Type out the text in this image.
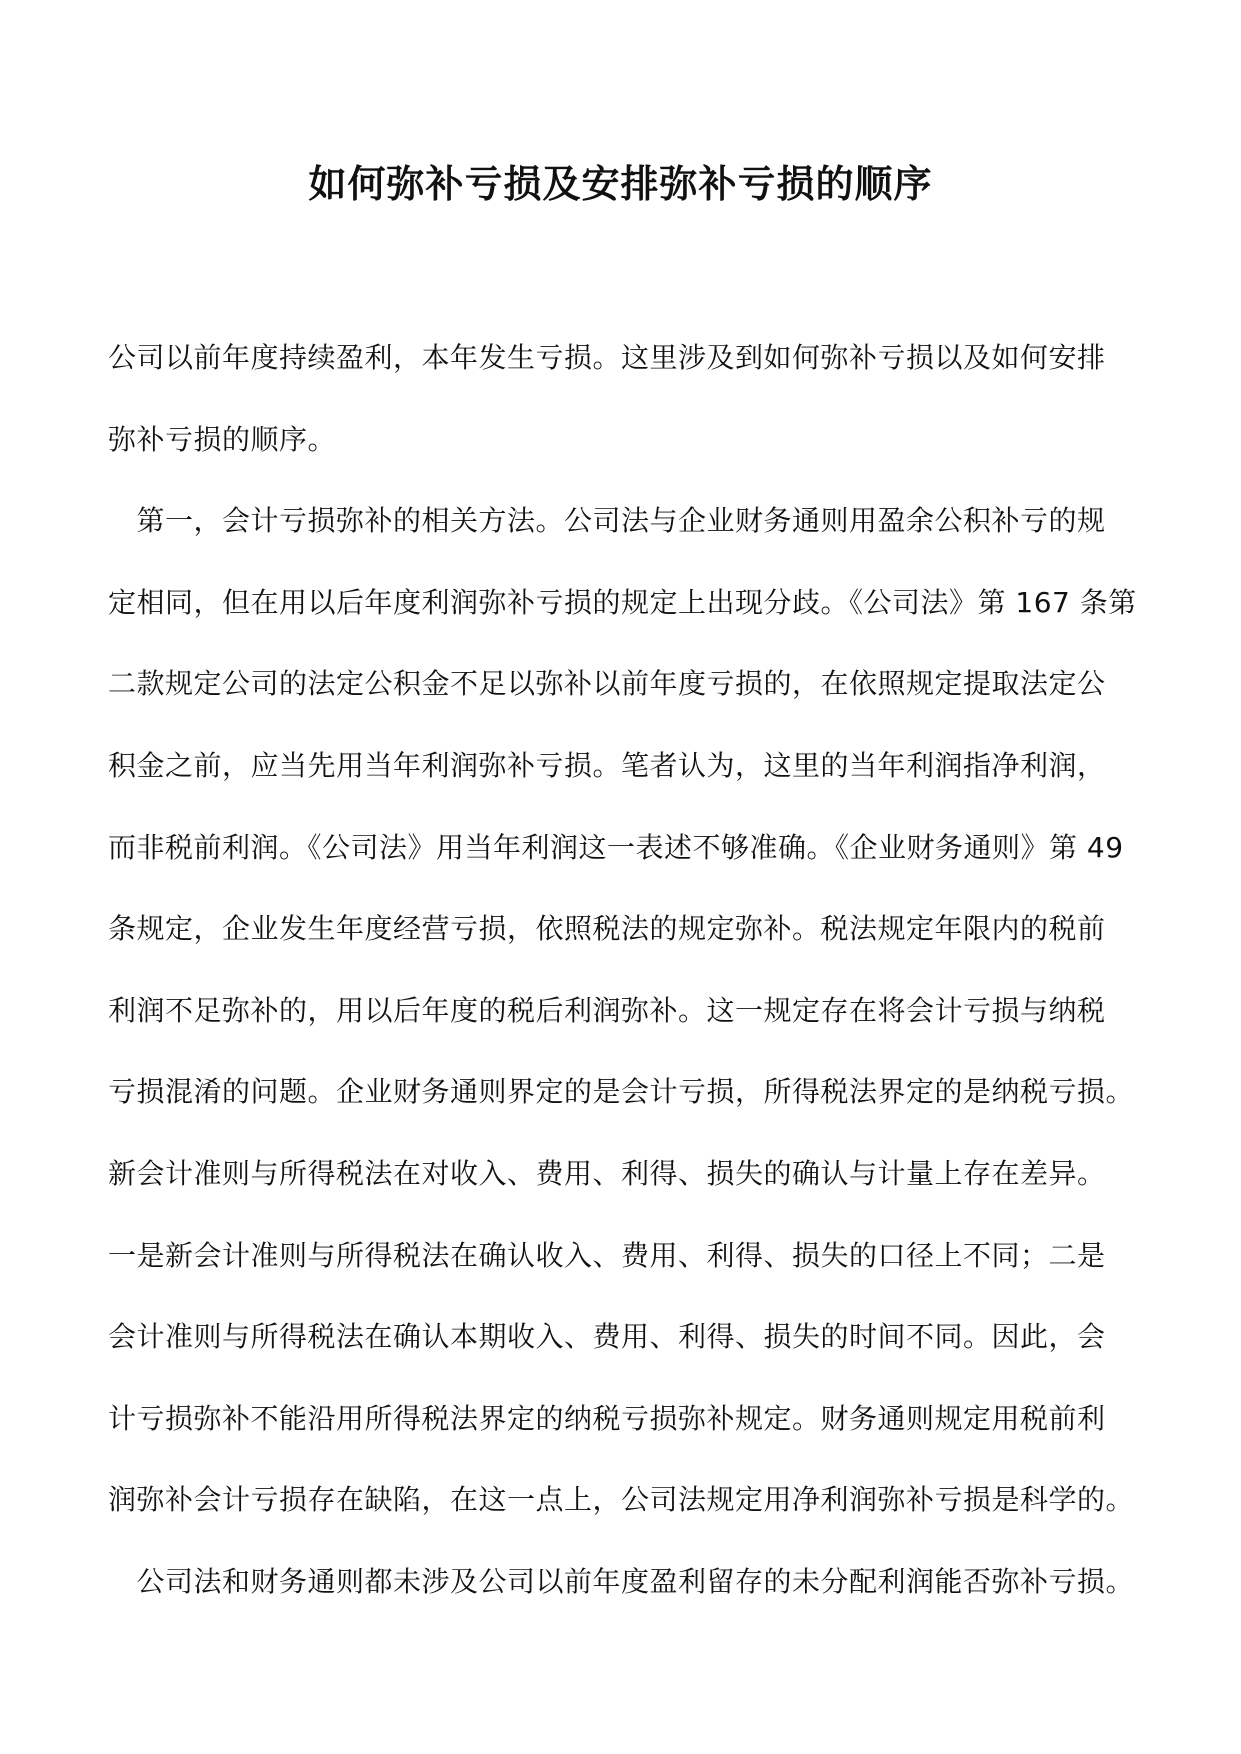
如何弥补亏损及安排弥补亏损的顺序
公司以前年度持续盈利，本年发生亏损。这里涉及到如何弥补亏损以及如何安排
弥补亏损的顺序。
　第一，会计亏损弥补的相关方法。公司法与企业财务通则用盈余公积补亏的规
定相同，但在用以后年度利润弥补亏损的规定上出现分歧。《公司法》第 167 条第
二款规定公司的法定公积金不足以弥补以前年度亏损的，在依照规定提取法定公
积金之前，应当先用当年利润弥补亏损。笔者认为，这里的当年利润指净利润，
而非税前利润。《公司法》用当年利润这一表述不够准确。《企业财务通则》第 49
条规定，企业发生年度经营亏损，依照税法的规定弥补。税法规定年限内的税前
利润不足弥补的，用以后年度的税后利润弥补。这一规定存在将会计亏损与纳税
亏损混淆的问题。企业财务通则界定的是会计亏损，所得税法界定的是纳税亏损。
新会计准则与所得税法在对收入、费用、利得、损失的确认与计量上存在差异。
一是新会计准则与所得税法在确认收入、费用、利得、损失的口径上不同；二是
会计准则与所得税法在确认本期收入、费用、利得、损失的时间不同。因此，会
计亏损弥补不能沿用所得税法界定的纳税亏损弥补规定。财务通则规定用税前利
润弥补会计亏损存在缺陷，在这一点上，公司法规定用净利润弥补亏损是科学的。
　公司法和财务通则都未涉及公司以前年度盈利留存的未分配利润能否弥补亏损。
